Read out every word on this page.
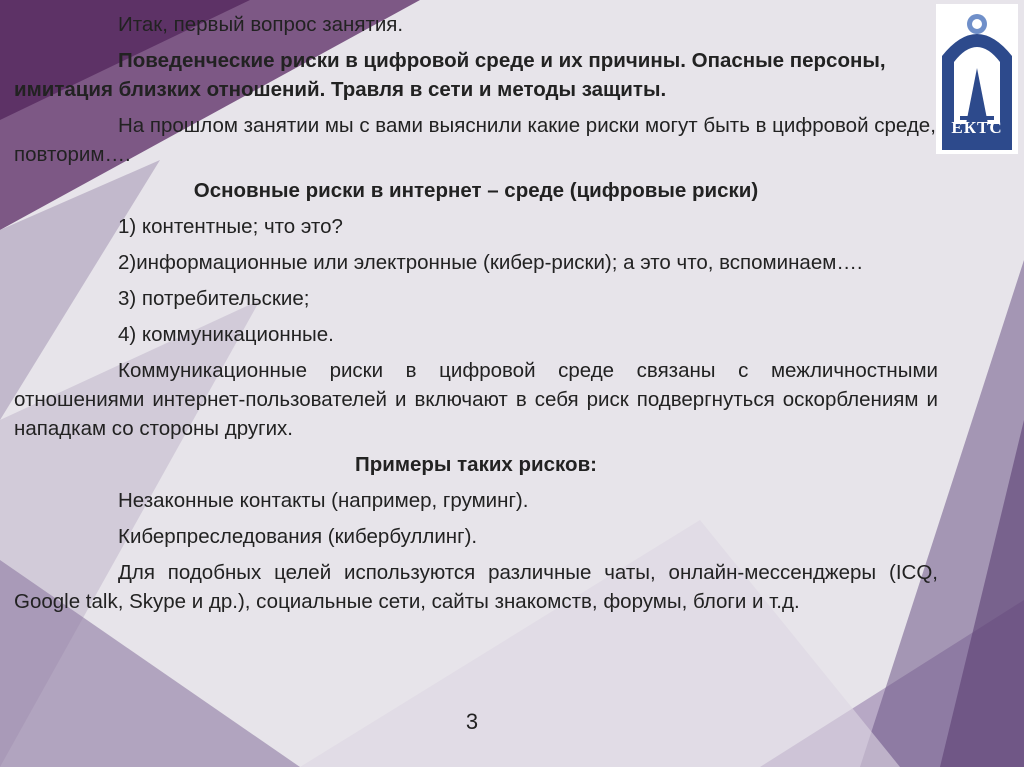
ЕКТС

Итак, первый вопрос занятия.

Поведенческие риски в цифровой среде и их причины. Опасные персоны, имитация близких отношений. Травля в сети и методы защиты.

На прошлом занятии мы с вами выяснили какие риски могут быть в цифровой среде, повторим….

Основные риски в интернет – среде (цифровые риски)

1) контентные; что это?

2)информационные или электронные (кибер-риски); а это что, вспоминаем….

3) потребительские;

4) коммуникационные.

Коммуникационные риски в цифровой среде связаны с межличностными отношениями интернет-пользователей и включают в себя риск подвергнуться оскорблениям и нападкам со стороны других.

Примеры таких рисков:

Незаконные контакты (например, груминг).

Киберпреследования (кибербуллинг).

Для подобных целей используются различные чаты, онлайн-мессенджеры (ICQ, Google talk, Skype и др.), социальные сети, сайты знакомств, форумы, блоги и т.д.

3
